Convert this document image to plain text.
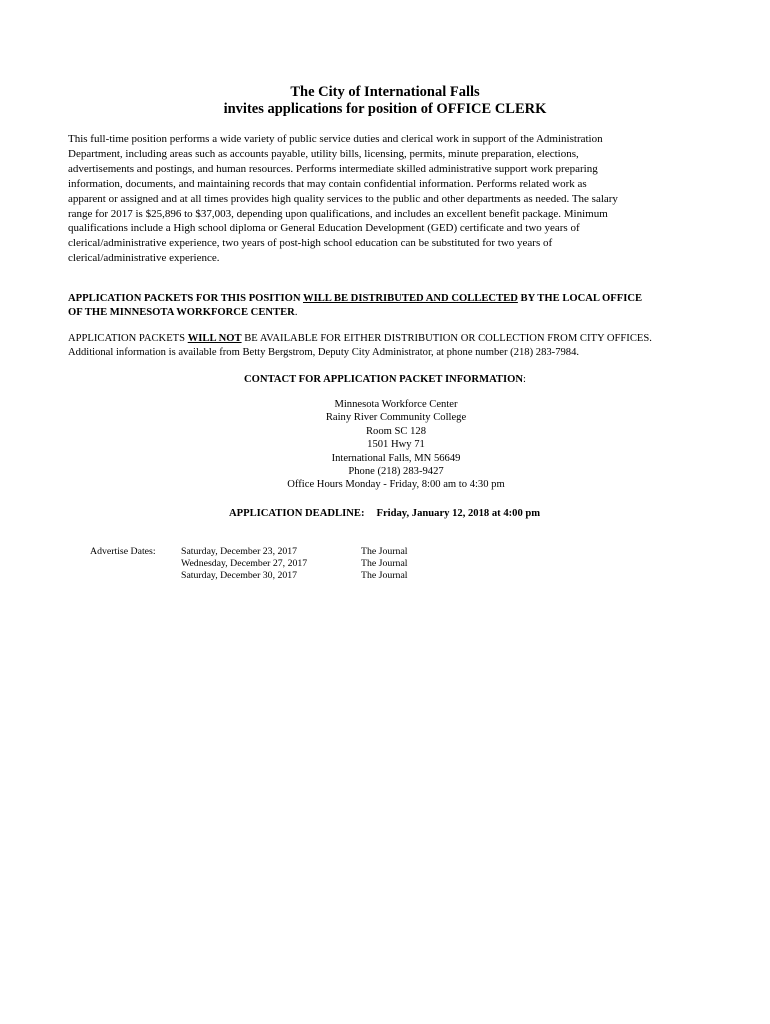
The City of International Falls
invites applications for position of OFFICE CLERK
This full-time position performs a wide variety of public service duties and clerical work in support of the Administration
Department, including areas such as accounts payable, utility bills, licensing, permits, minute preparation, elections,
advertisements and postings, and human resources. Performs intermediate skilled administrative support work preparing
information, documents, and maintaining records that may contain confidential information. Performs related work as
apparent or assigned and at all times provides high quality services to the public and other departments as needed. The salary
range for 2017 is $25,896 to $37,003, depending upon qualifications, and includes an excellent benefit package. Minimum
qualifications include a High school diploma or General Education Development (GED) certificate and two years of
clerical/administrative experience, two years of post-high school education can be substituted for two years of
clerical/administrative experience.
APPLICATION PACKETS FOR THIS POSITION WILL BE DISTRIBUTED AND COLLECTED BY THE LOCAL OFFICE
OF THE MINNESOTA WORKFORCE CENTER.
APPLICATION PACKETS WILL NOT BE AVAILABLE FOR EITHER DISTRIBUTION OR COLLECTION FROM CITY OFFICES.
Additional information is available from Betty Bergstrom, Deputy City Administrator, at phone number (218) 283-7984.
CONTACT FOR APPLICATION PACKET INFORMATION:
Minnesota Workforce Center
Rainy River Community College
Room SC 128
1501 Hwy 71
International Falls, MN 56649
Phone (218) 283-9427
Office Hours Monday - Friday, 8:00 am to 4:30 pm
APPLICATION DEADLINE: Friday, January 12, 2018 at 4:00 pm
Advertise Dates:	Saturday, December 23, 2017
Wednesday, December 27, 2017
Saturday, December 30, 2017
The Journal
The Journal
The Journal
